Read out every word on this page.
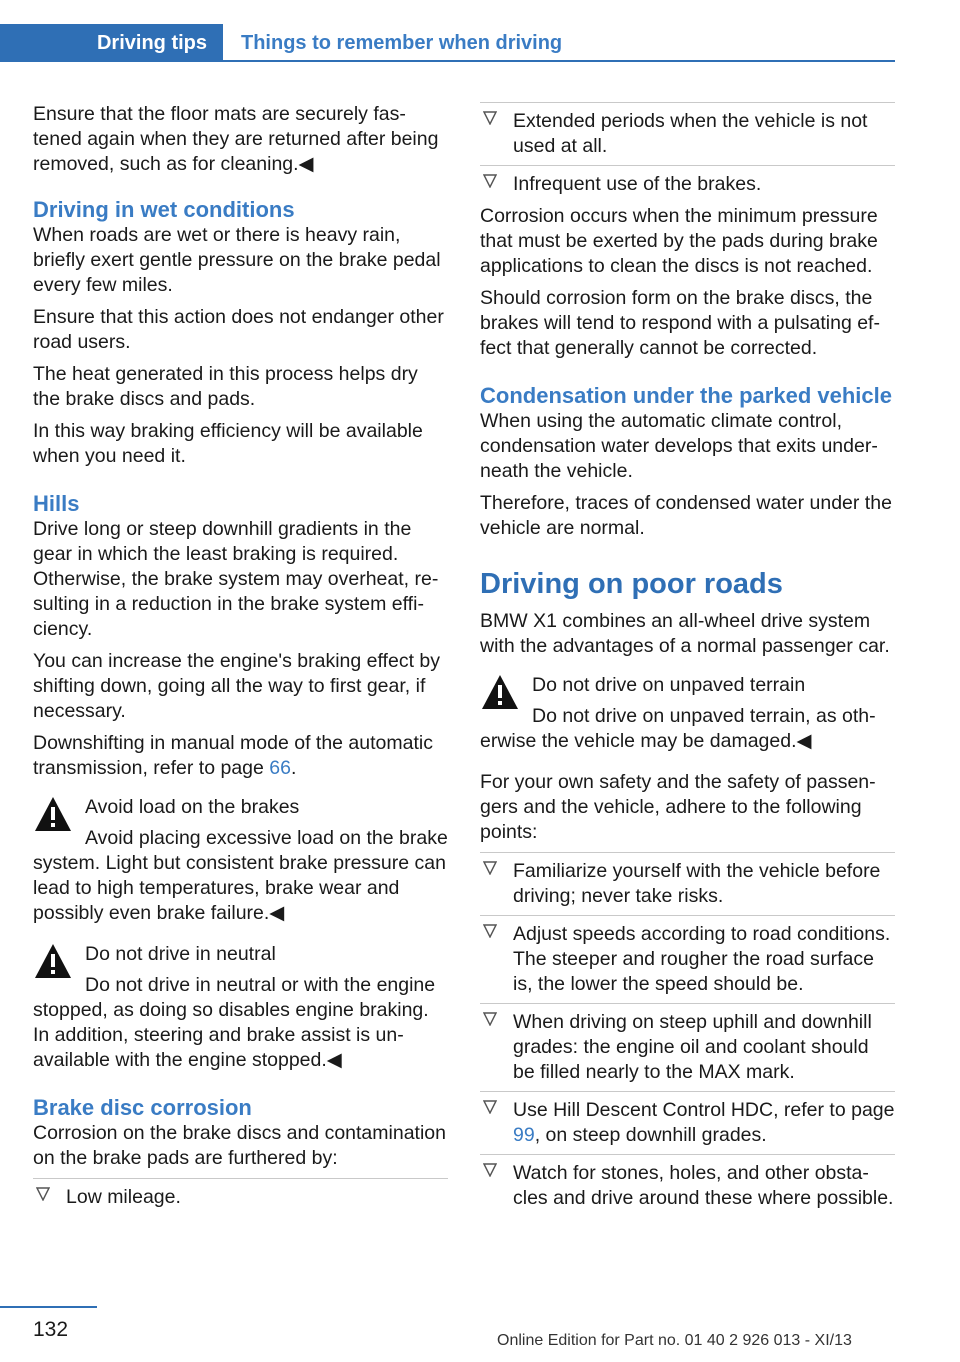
Driving tips	Things to remember when driving

Ensure that the floor mats are securely fastened again when they are returned after being removed, such as for cleaning.◀

Driving in wet conditions

When roads are wet or there is heavy rain, briefly exert gentle pressure on the brake pedal every few miles.

Ensure that this action does not endanger other road users.

The heat generated in this process helps dry the brake discs and pads.

In this way braking efficiency will be available when you need it.

Hills

Drive long or steep downhill gradients in the gear in which the least braking is required. Otherwise, the brake system may overheat, resulting in a reduction in the brake system efficiency.

You can increase the engine's braking effect by shifting down, going all the way to first gear, if necessary.

Downshifting in manual mode of the automatic transmission, refer to page 66.

Avoid load on the brakes
Avoid placing excessive load on the brake system. Light but consistent brake pressure can lead to high temperatures, brake wear and possibly even brake failure.◀
Do not drive in neutral
Do not drive in neutral or with the engine stopped, as doing so disables engine braking. In addition, steering and brake assist is unavailable with the engine stopped.◀
Brake disc corrosion

Corrosion on the brake discs and contamination on the brake pads are furthered by:

Low mileage.
Extended periods when the vehicle is not used at all.
Infrequent use of the brakes.

Corrosion occurs when the minimum pressure that must be exerted by the pads during brake applications to clean the discs is not reached.

Should corrosion form on the brake discs, the brakes will tend to respond with a pulsating effect that generally cannot be corrected.

Condensation under the parked vehicle

When using the automatic climate control, condensation water develops that exits underneath the vehicle.

Therefore, traces of condensed water under the vehicle are normal.

Driving on poor roads

BMW X1 combines an all-wheel drive system with the advantages of a normal passenger car.

Do not drive on unpaved terrain
Do not drive on unpaved terrain, as otherwise the vehicle may be damaged.◀

For your own safety and the safety of passengers and the vehicle, adhere to the following points:

Familiarize yourself with the vehicle before driving; never take risks.
Adjust speeds according to road conditions. The steeper and rougher the road surface is, the lower the speed should be.
When driving on steep uphill and downhill grades: the engine oil and coolant should be filled nearly to the MAX mark.
Use Hill Descent Control HDC, refer to page 99, on steep downhill grades.
Watch for stones, holes, and other obstacles and drive around these where possible.
132	Online Edition for Part no. 01 40 2 926 013 - XI/13
